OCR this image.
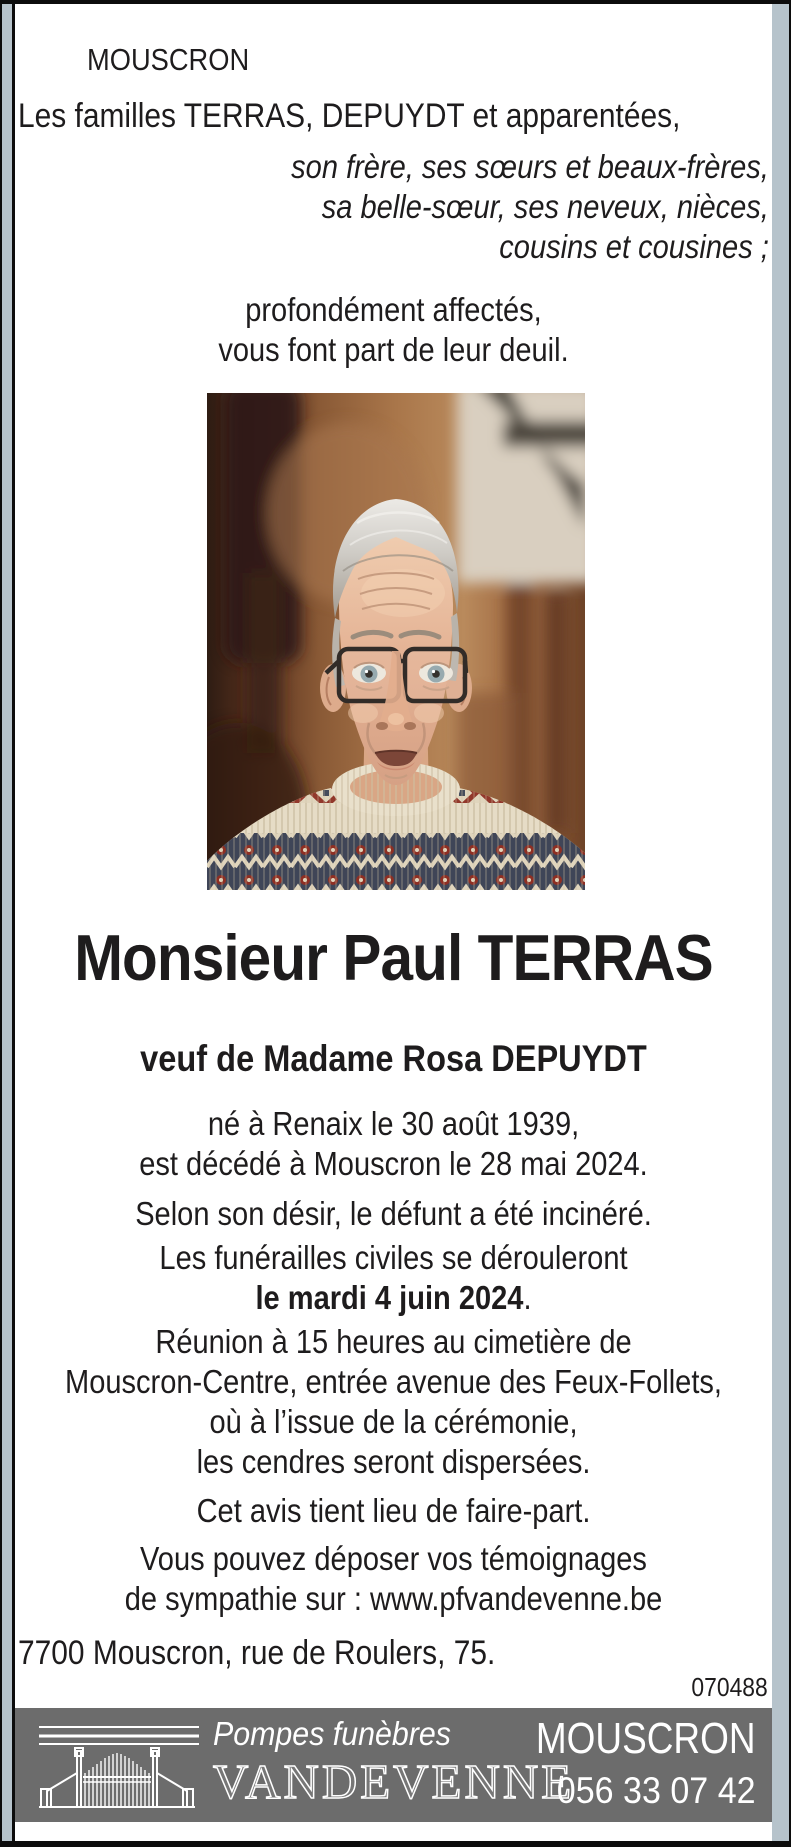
MOUSCRON
Les familles TERRAS, DEPUYDT et apparentées,
son frère, ses sœurs et beaux-frères,
sa belle-sœur, ses neveux, nièces,
cousins et cousines ;
profondément affectés,
vous font part de leur deuil.
Monsieur Paul TERRAS
veuf de Madame Rosa DEPUYDT
né à Renaix le 30 août 1939,
est décédé à Mouscron le 28 mai 2024.
Selon son désir, le défunt a été incinéré.
Les funérailles civiles se dérouleront
le mardi 4 juin 2024.
Réunion à 15 heures au cimetière de
Mouscron-Centre, entrée avenue des Feux-Follets,
où à l’issue de la cérémonie,
les cendres seront dispersées.
Cet avis tient lieu de faire-part.
Vous pouvez déposer vos témoignages
de sympathie sur : www.pfvandevenne.be
7700 Mouscron, rue de Roulers, 75.
070488
Pompes funèbres
VANDEVENNE
MOUSCRON
056 33 07 42
